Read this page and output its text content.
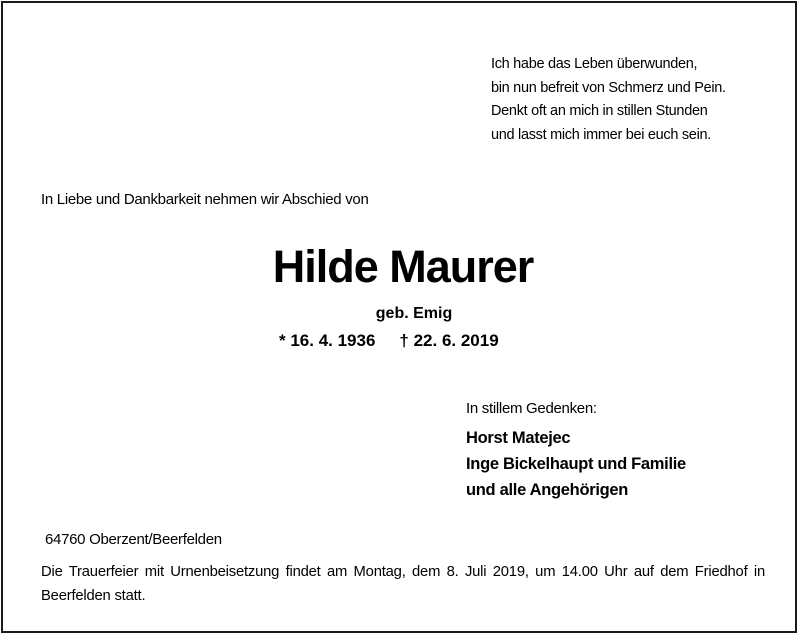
Ich habe das Leben überwunden,
bin nun befreit von Schmerz und Pein.
Denkt oft an mich in stillen Stunden
und lasst mich immer bei euch sein.
In Liebe und Dankbarkeit nehmen wir Abschied von
Hilde Maurer
geb. Emig
* 16. 4. 1936 † 22. 6. 2019
In stillem Gedenken:
Horst Matejec
Inge Bickelhaupt und Familie
und alle Angehörigen
64760 Oberzent/Beerfelden
Die Trauerfeier mit Urnenbeisetzung findet am Montag, dem 8. Juli 2019, um 14.00 Uhr auf dem Friedhof in Beerfelden statt.
